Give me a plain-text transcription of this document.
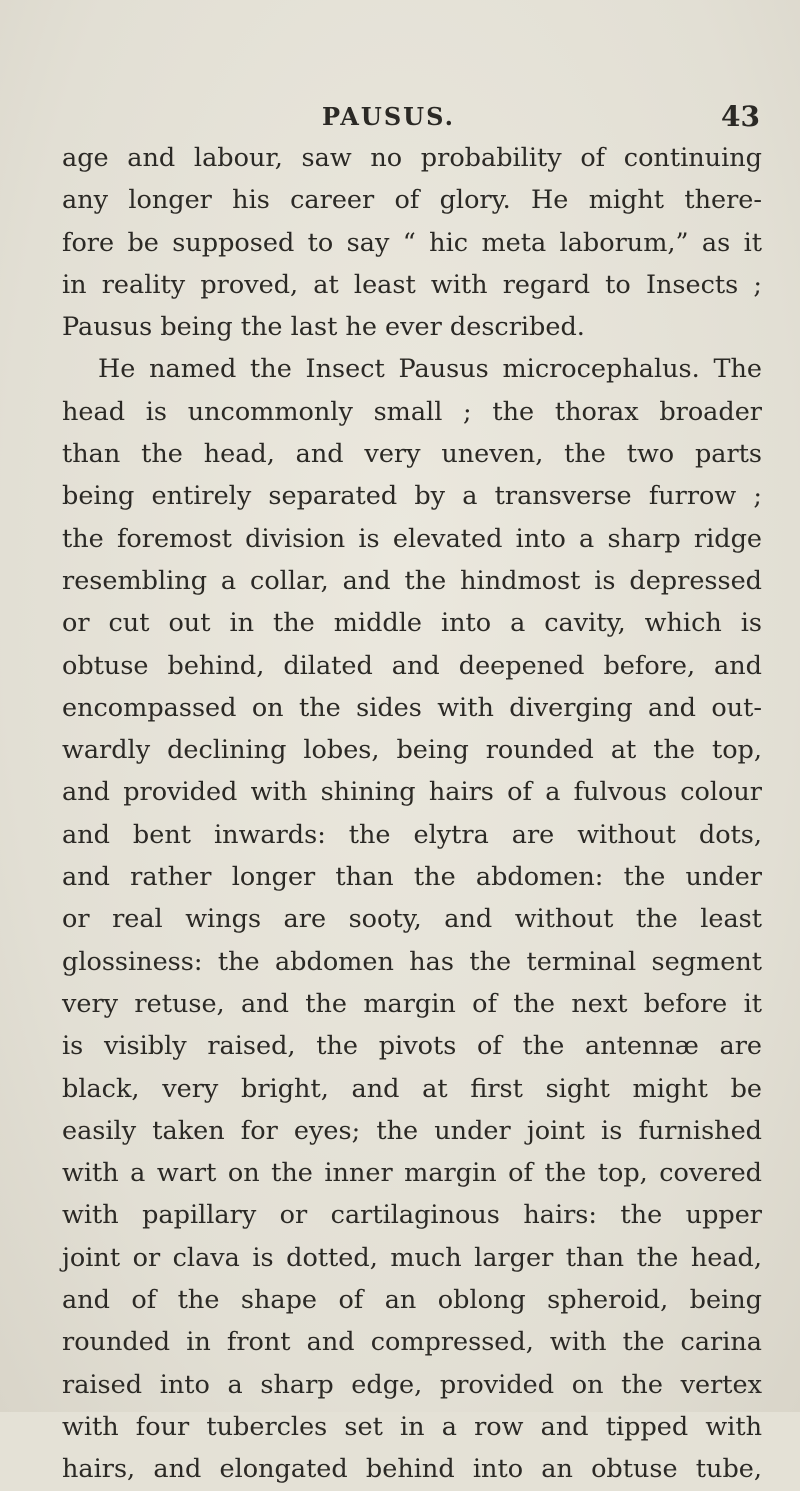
PAUSUS.	43
age and labour, saw no probability of continuing
any longer his career of glory. He might there-
fore be supposed to say “ hic meta laborum,” as it
in reality proved, at least with regard to Insects ;
Pausus being the last he ever described.
He named the Insect Pausus microcephalus. The
head is uncommonly small ; the thorax broader
than the head, and very uneven, the two parts
being entirely separated by a transverse furrow ;
the foremost division is elevated into a sharp ridge
resembling a collar, and the hindmost is depressed
or cut out in the middle into a cavity, which is
obtuse behind, dilated and deepened before, and
encompassed on the sides with diverging and out-
wardly declining lobes, being rounded at the top,
and provided with shining hairs of a fulvous colour
and bent inwards: the elytra are without dots,
and rather longer than the abdomen: the under
or real wings are sooty, and without the least
glossiness: the abdomen has the terminal segment
very retuse, and the margin of the next before it
is visibly raised, the pivots of the antennæ are
black, very bright, and at first sight might be
easily taken for eyes; the under joint is furnished
with a wart on the inner margin of the top, covered
with papillary or cartilaginous hairs: the upper
joint or clava is dotted, much larger than the head,
and of the shape of an oblong spheroid, being
rounded in front and compressed, with the carina
raised into a sharp edge, provided on the vertex
with four tubercles set in a row and tipped with
hairs, and elongated behind into an obtuse tube,
